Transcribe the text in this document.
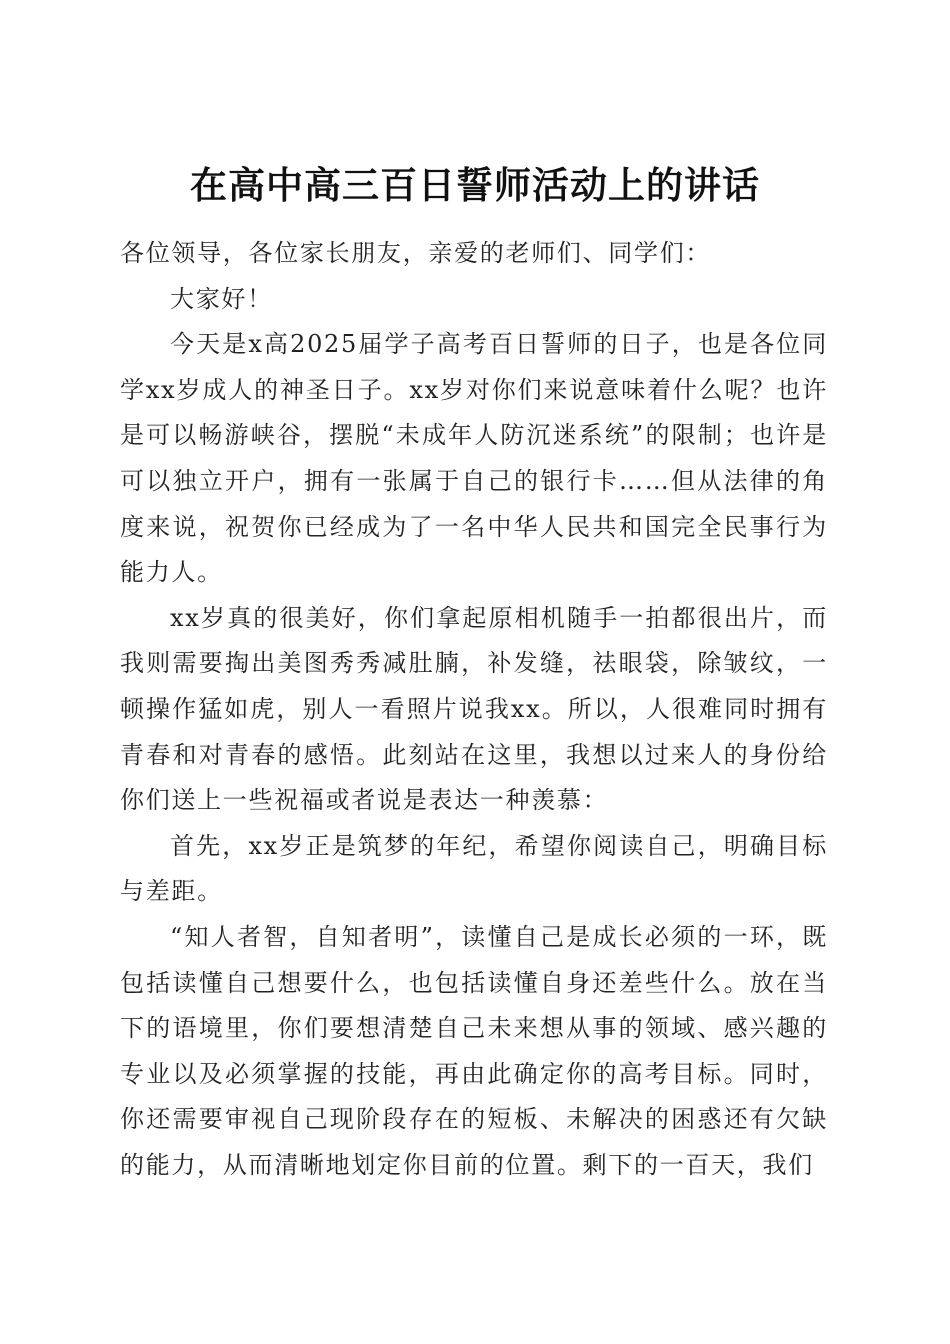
在高中高三百日誓师活动上的讲话

各位领导，各位家长朋友，亲爱的老师们、同学们：

大家好！

今天是x高2025届学子高考百日誓师的日子，也是各位同学xx岁成人的神圣日子。xx岁对你们来说意味着什么呢？也许是可以畅游峡谷，摆脱“未成年人防沉迷系统”的限制；也许是可以独立开户，拥有一张属于自己的银行卡……但从法律的角度来说，祝贺你已经成为了一名中华人民共和国完全民事行为能力人。

xx岁真的很美好，你们拿起原相机随手一拍都很出片，而我则需要掏出美图秀秀减肚腩，补发缝，祛眼袋，除皱纹，一顿操作猛如虎，别人一看照片说我xx。所以，人很难同时拥有青春和对青春的感悟。此刻站在这里，我想以过来人的身份给你们送上一些祝福或者说是表达一种羡慕：

首先，xx岁正是筑梦的年纪，希望你阅读自己，明确目标与差距。

“知人者智，自知者明”，读懂自己是成长必须的一环，既包括读懂自己想要什么，也包括读懂自身还差些什么。放在当下的语境里，你们要想清楚自己未来想从事的领域、感兴趣的专业以及必须掌握的技能，再由此确定你的高考目标。同时，你还需要审视自己现阶段存在的短板、未解决的困惑还有欠缺的能力，从而清晰地划定你目前的位置。剩下的一百天，我们
